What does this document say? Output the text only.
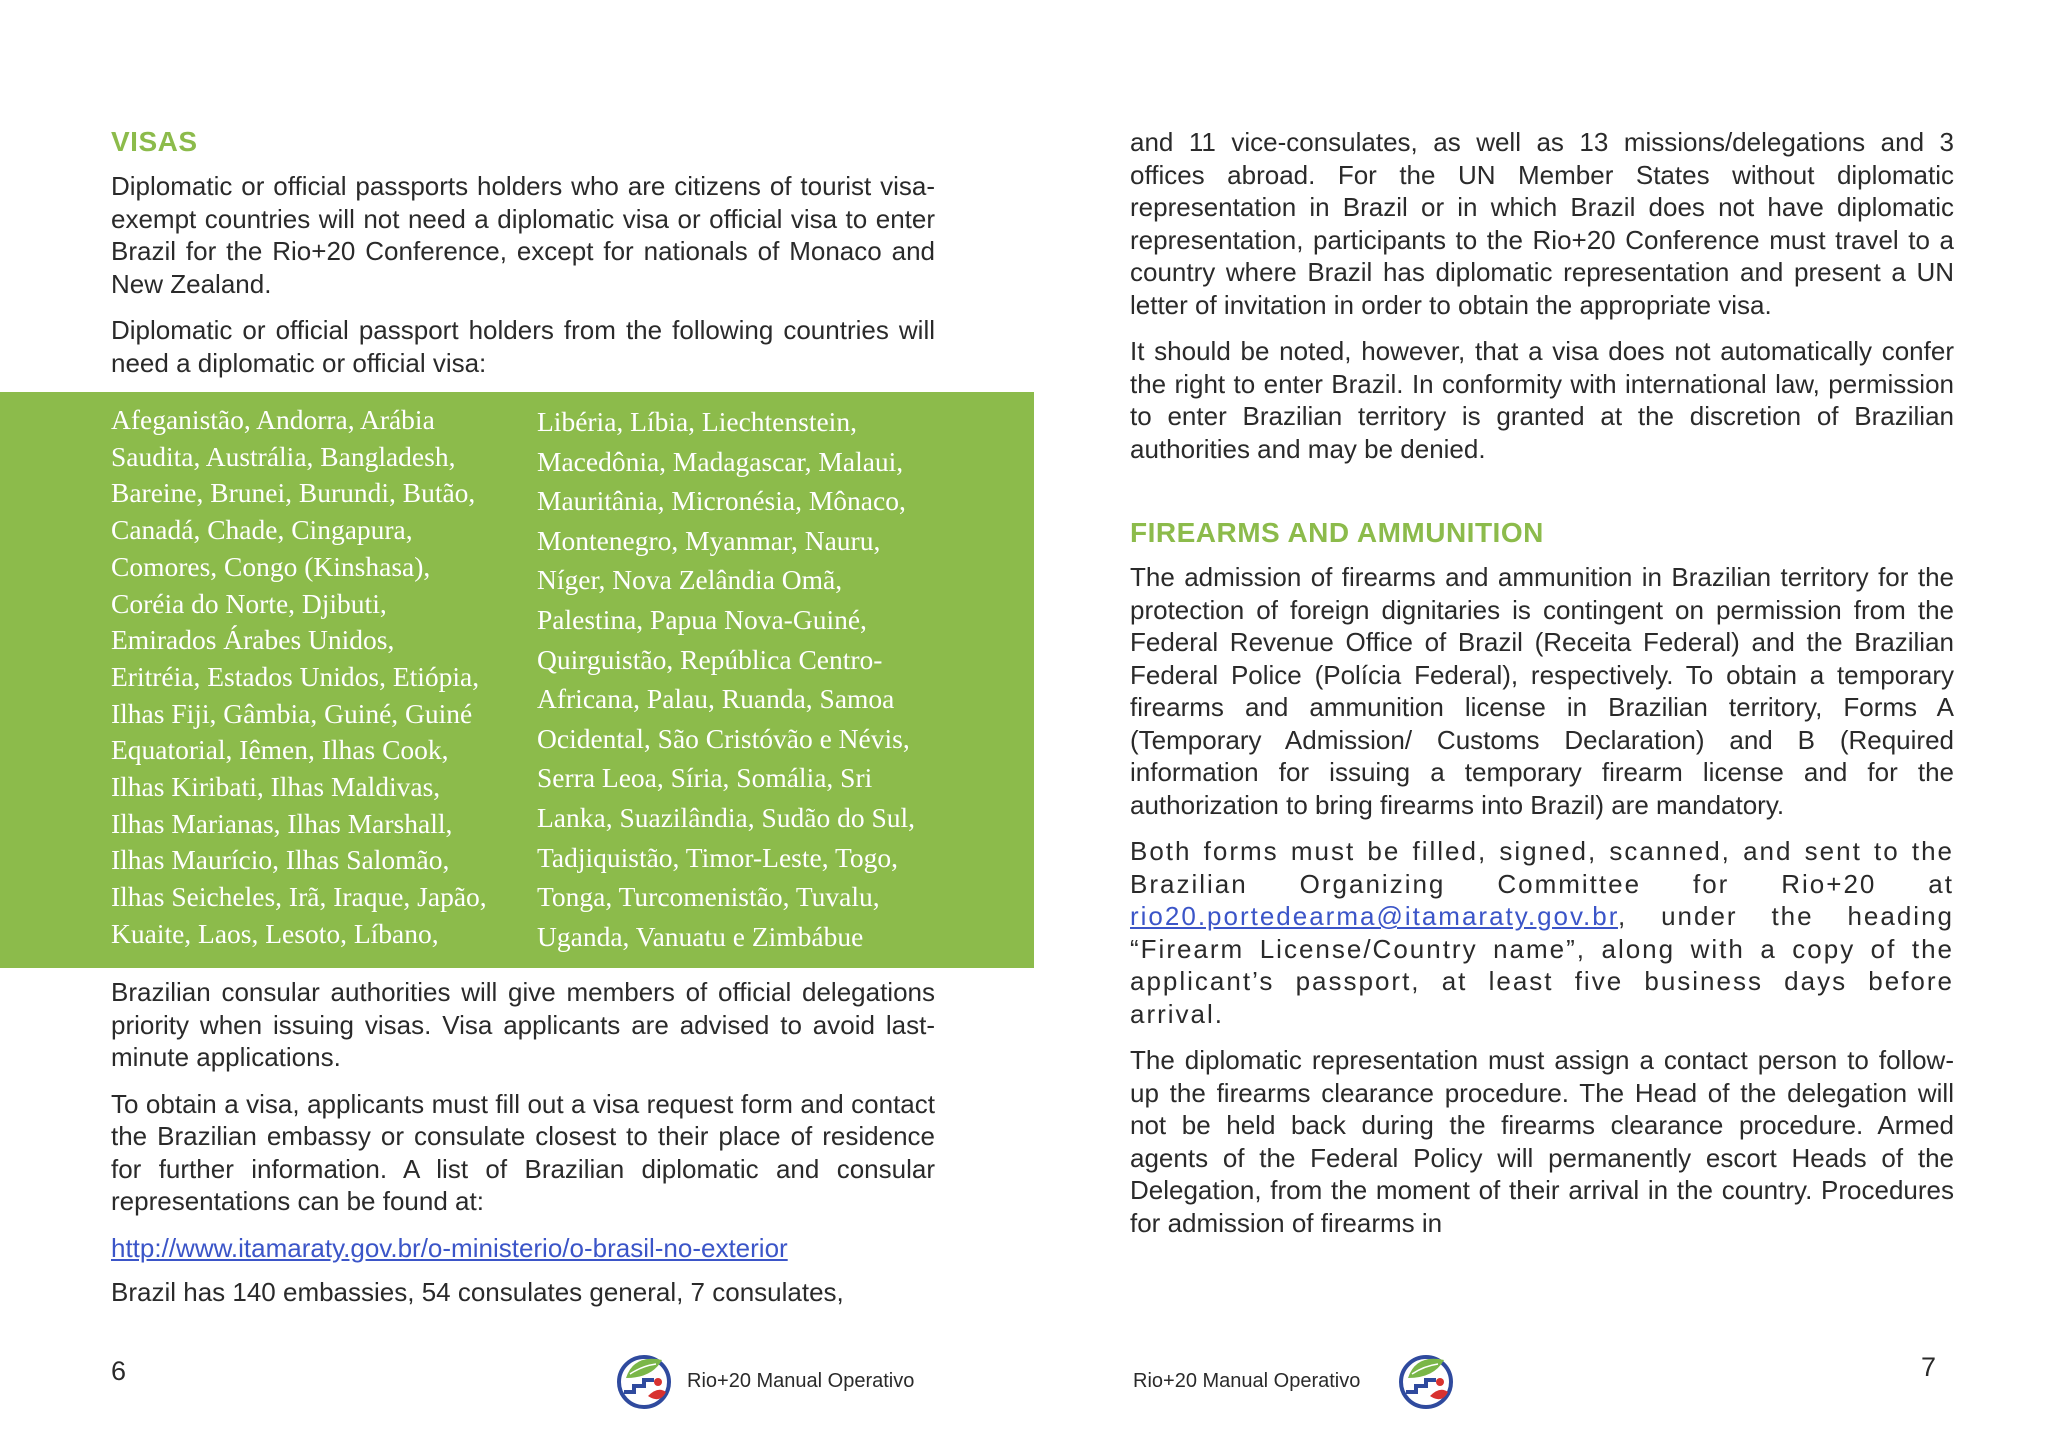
VISAS

Diplomatic or official passports holders who are citizens of tourist visa-exempt countries will not need a diplomatic visa or official visa to enter Brazil for the Rio+20 Conference, except for nationals of Monaco and New Zealand.

Diplomatic or official passport holders from the following countries will need a diplomatic or official visa:

Afeganistão, Andorra, Arábia
Saudita, Austrália, Bangladesh,
Bareine, Brunei, Burundi, Butão,
Canadá, Chade, Cingapura,
Comores, Congo (Kinshasa),
Coréia do Norte, Djibuti,
Emirados Árabes Unidos,
Eritréia, Estados Unidos, Etiópia,
Ilhas Fiji, Gâmbia, Guiné, Guiné
Equatorial, Iêmen, Ilhas Cook,
Ilhas Kiribati, Ilhas Maldivas,
Ilhas Marianas, Ilhas Marshall,
Ilhas Maurício, Ilhas Salomão,
Ilhas Seicheles, Irã, Iraque, Japão,
Kuaite, Laos, Lesoto, Líbano,
Libéria, Líbia, Liechtenstein,
Macedônia, Madagascar, Malaui,
Mauritânia, Micronésia, Mônaco,
Montenegro, Myanmar, Nauru,
Níger, Nova Zelândia Omã,
Palestina, Papua Nova-Guiné,
Quirguistão, República Centro-
Africana, Palau, Ruanda, Samoa
Ocidental, São Cristóvão e Névis,
Serra Leoa, Síria, Somália, Sri
Lanka, Suazilândia, Sudão do Sul,
Tadjiquistão, Timor-Leste, Togo,
Tonga, Turcomenistão, Tuvalu,
Uganda, Vanuatu e Zimbábue

Brazilian consular authorities will give members of official delegations priority when issuing visas. Visa applicants are advised to avoid last-minute applications.

To obtain a visa, applicants must fill out a visa request form and contact the Brazilian embassy or consulate closest to their place of residence for further information. A list of Brazilian diplomatic and consular representations can be found at:

http://www.itamaraty.gov.br/o-ministerio/o-brasil-no-exterior

Brazil has 140 embassies, 54 consulates general, 7 consulates,

and 11 vice-consulates, as well as 13 missions/delegations and 3 offices abroad. For the UN Member States without diplomatic representation in Brazil or in which Brazil does not have diplomatic representation, participants to the Rio+20 Conference must travel to a country where Brazil has diplomatic representation and present a UN letter of invitation in order to obtain the appropriate visa.

It should be noted, however, that a visa does not automatically confer the right to enter Brazil. In conformity with international law, permission to enter Brazilian territory is granted at the discretion of Brazilian authorities and may be denied.

FIREARMS AND AMMUNITION

The admission of firearms and ammunition in Brazilian territory for the protection of foreign dignitaries is contingent on permission from the Federal Revenue Office of Brazil (Receita Federal) and the Brazilian Federal Police (Polícia Federal), respectively. To obtain a temporary firearms and ammunition license in Brazilian territory, Forms A (Temporary Admission/ Customs Declaration) and B (Required information for issuing a temporary firearm license and for the authorization to bring firearms into Brazil) are mandatory.

Both forms must be filled, signed, scanned, and sent to the Brazilian Organizing Committee for Rio+20 at rio20.portedearma@itamaraty.gov.br, under the heading “Firearm License/Country name”, along with a copy of the applicant’s passport, at least five business days before arrival.

The diplomatic representation must assign a contact person to follow-up the firearms clearance procedure. The Head of the delegation will not be held back during the firearms clearance procedure. Armed agents of the Federal Policy will permanently escort Heads of the Delegation, from the moment of their arrival in the country. Procedures for admission of firearms in

6	Rio+20 Manual Operativo	Rio+20 Manual Operativo	7
